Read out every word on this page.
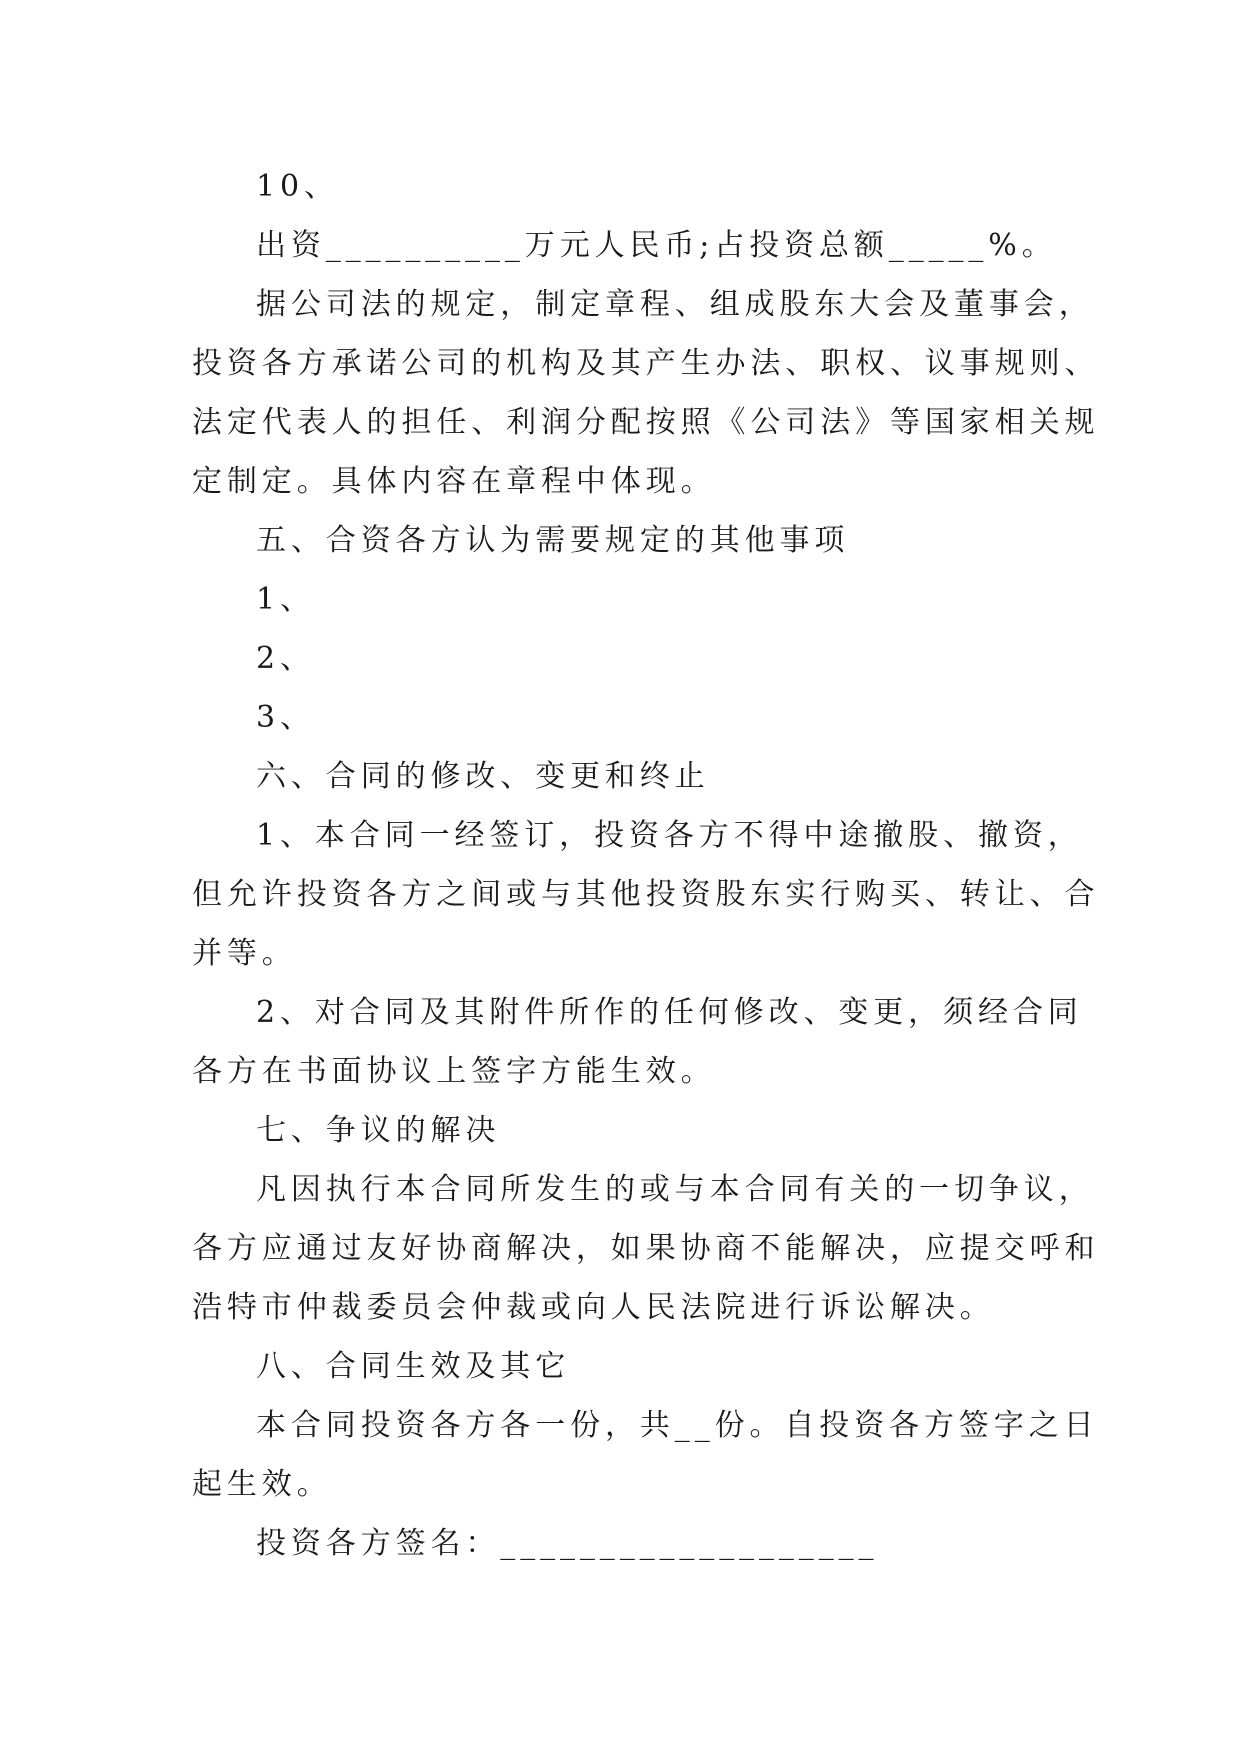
10、
出资__________万元人民币;占投资总额_____%。
据公司法的规定，制定章程、组成股东大会及董事会，
投资各方承诺公司的机构及其产生办法、职权、议事规则、
法定代表人的担任、利润分配按照《公司法》等国家相关规
定制定。具体内容在章程中体现。
五、合资各方认为需要规定的其他事项
1、
2、
3、
六、合同的修改、变更和终止
1、本合同一经签订，投资各方不得中途撤股、撤资，
但允许投资各方之间或与其他投资股东实行购买、转让、合
并等。
2、对合同及其附件所作的任何修改、变更，须经合同
各方在书面协议上签字方能生效。
七、争议的解决
凡因执行本合同所发生的或与本合同有关的一切争议，
各方应通过友好协商解决，如果协商不能解决，应提交呼和
浩特市仲裁委员会仲裁或向人民法院进行诉讼解决。
八、合同生效及其它
本合同投资各方各一份，共__份。自投资各方签字之日
起生效。
投资各方签名：___________________
